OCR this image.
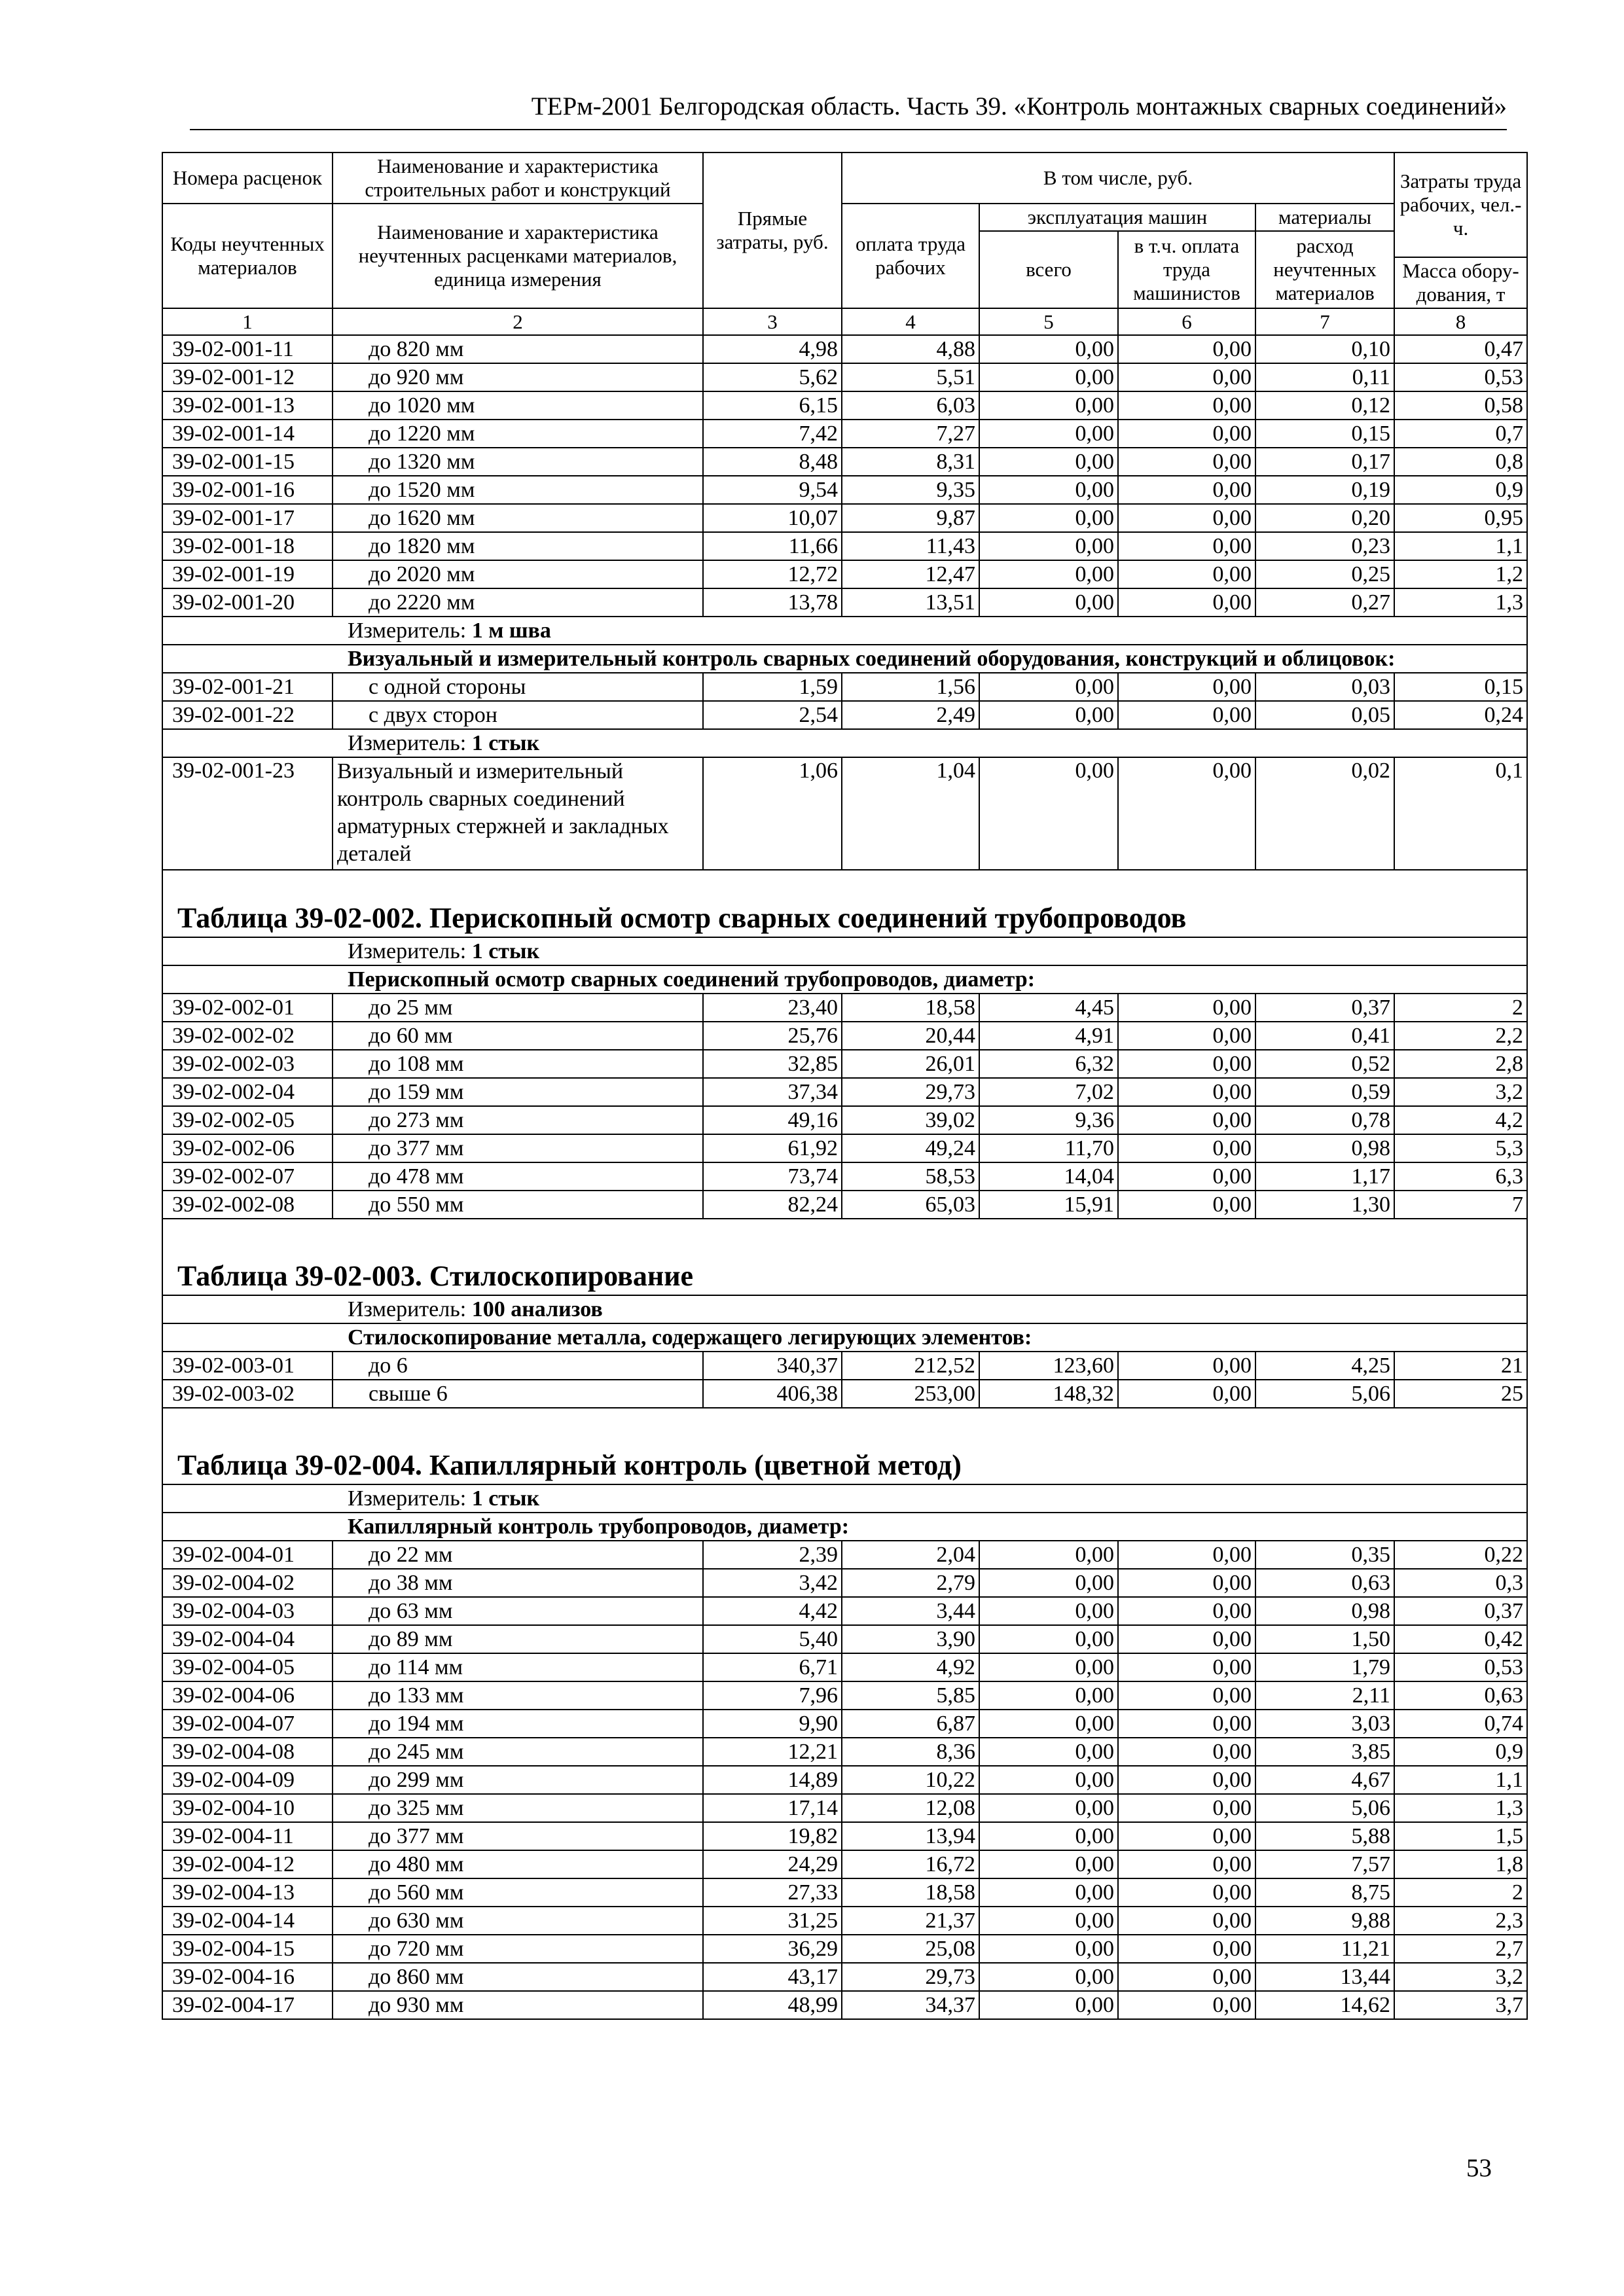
ТЕРм-2001 Белгородская область. Часть 39. «Контроль монтажных сварных соединений»
Номера расценок	Наименование и характеристика строительных работ и конструкций	Прямые затраты, руб.	В том числе, руб.				Затраты труда рабочих, чел.-ч.
Коды неучтенных материалов	Наименование и характеристика неучтенных расценками материалов, единица измерения		оплата труда рабочих	эксплуатация машин		материалы	
				всего	в т.ч. оплата труда машинистов	расход неучтенных материалов	
							Масса обору-дования, т
1	2	3	4	5	6	7	8
39-02-001-11	до 820 мм	4,98	4,88	0,00	0,00	0,10	0,47
39-02-001-12	до 920 мм	5,62	5,51	0,00	0,00	0,11	0,53
39-02-001-13	до 1020 мм	6,15	6,03	0,00	0,00	0,12	0,58
39-02-001-14	до 1220 мм	7,42	7,27	0,00	0,00	0,15	0,7
39-02-001-15	до 1320 мм	8,48	8,31	0,00	0,00	0,17	0,8
39-02-001-16	до 1520 мм	9,54	9,35	0,00	0,00	0,19	0,9
39-02-001-17	до 1620 мм	10,07	9,87	0,00	0,00	0,20	0,95
39-02-001-18	до 1820 мм	11,66	11,43	0,00	0,00	0,23	1,1
39-02-001-19	до 2020 мм	12,72	12,47	0,00	0,00	0,25	1,2
39-02-001-20	до 2220 мм	13,78	13,51	0,00	0,00	0,27	1,3
Измеритель: 1 м шва							
Визуальный и измерительный контроль сварных соединений оборудования, конструкций и облицовок:							
39-02-001-21	с одной стороны	1,59	1,56	0,00	0,00	0,03	0,15
39-02-001-22	с двух сторон	2,54	2,49	0,00	0,00	0,05	0,24
Измеритель: 1 стык							
39-02-001-23	Визуальный и измерительный контроль сварных соединений арматурных стержней и закладных деталей	1,06	1,04	0,00	0,00	0,02	0,1
Таблица 39-02-002. Перископный осмотр сварных соединений трубопроводов							
Измеритель: 1 стык							
Перископный осмотр сварных соединений трубопроводов, диаметр:							
39-02-002-01	до 25 мм	23,40	18,58	4,45	0,00	0,37	2
39-02-002-02	до 60 мм	25,76	20,44	4,91	0,00	0,41	2,2
39-02-002-03	до 108 мм	32,85	26,01	6,32	0,00	0,52	2,8
39-02-002-04	до 159 мм	37,34	29,73	7,02	0,00	0,59	3,2
39-02-002-05	до 273 мм	49,16	39,02	9,36	0,00	0,78	4,2
39-02-002-06	до 377 мм	61,92	49,24	11,70	0,00	0,98	5,3
39-02-002-07	до 478 мм	73,74	58,53	14,04	0,00	1,17	6,3
39-02-002-08	до 550 мм	82,24	65,03	15,91	0,00	1,30	7
Таблица 39-02-003. Стилоскопирование							
Измеритель: 100 анализов							
Стилоскопирование металла, содержащего легирующих элементов:							
39-02-003-01	до 6	340,37	212,52	123,60	0,00	4,25	21
39-02-003-02	свыше 6	406,38	253,00	148,32	0,00	5,06	25
Таблица 39-02-004. Капиллярный контроль (цветной метод)							
Измеритель: 1 стык							
Капиллярный контроль трубопроводов, диаметр:							
39-02-004-01	до 22 мм	2,39	2,04	0,00	0,00	0,35	0,22
39-02-004-02	до 38 мм	3,42	2,79	0,00	0,00	0,63	0,3
39-02-004-03	до 63 мм	4,42	3,44	0,00	0,00	0,98	0,37
39-02-004-04	до 89 мм	5,40	3,90	0,00	0,00	1,50	0,42
39-02-004-05	до 114 мм	6,71	4,92	0,00	0,00	1,79	0,53
39-02-004-06	до 133 мм	7,96	5,85	0,00	0,00	2,11	0,63
39-02-004-07	до 194 мм	9,90	6,87	0,00	0,00	3,03	0,74
39-02-004-08	до 245 мм	12,21	8,36	0,00	0,00	3,85	0,9
39-02-004-09	до 299 мм	14,89	10,22	0,00	0,00	4,67	1,1
39-02-004-10	до 325 мм	17,14	12,08	0,00	0,00	5,06	1,3
39-02-004-11	до 377 мм	19,82	13,94	0,00	0,00	5,88	1,5
39-02-004-12	до 480 мм	24,29	16,72	0,00	0,00	7,57	1,8
39-02-004-13	до 560 мм	27,33	18,58	0,00	0,00	8,75	2
39-02-004-14	до 630 мм	31,25	21,37	0,00	0,00	9,88	2,3
39-02-004-15	до 720 мм	36,29	25,08	0,00	0,00	11,21	2,7
39-02-004-16	до 860 мм	43,17	29,73	0,00	0,00	13,44	3,2
39-02-004-17	до 930 мм	48,99	34,37	0,00	0,00	14,62	3,7
53
